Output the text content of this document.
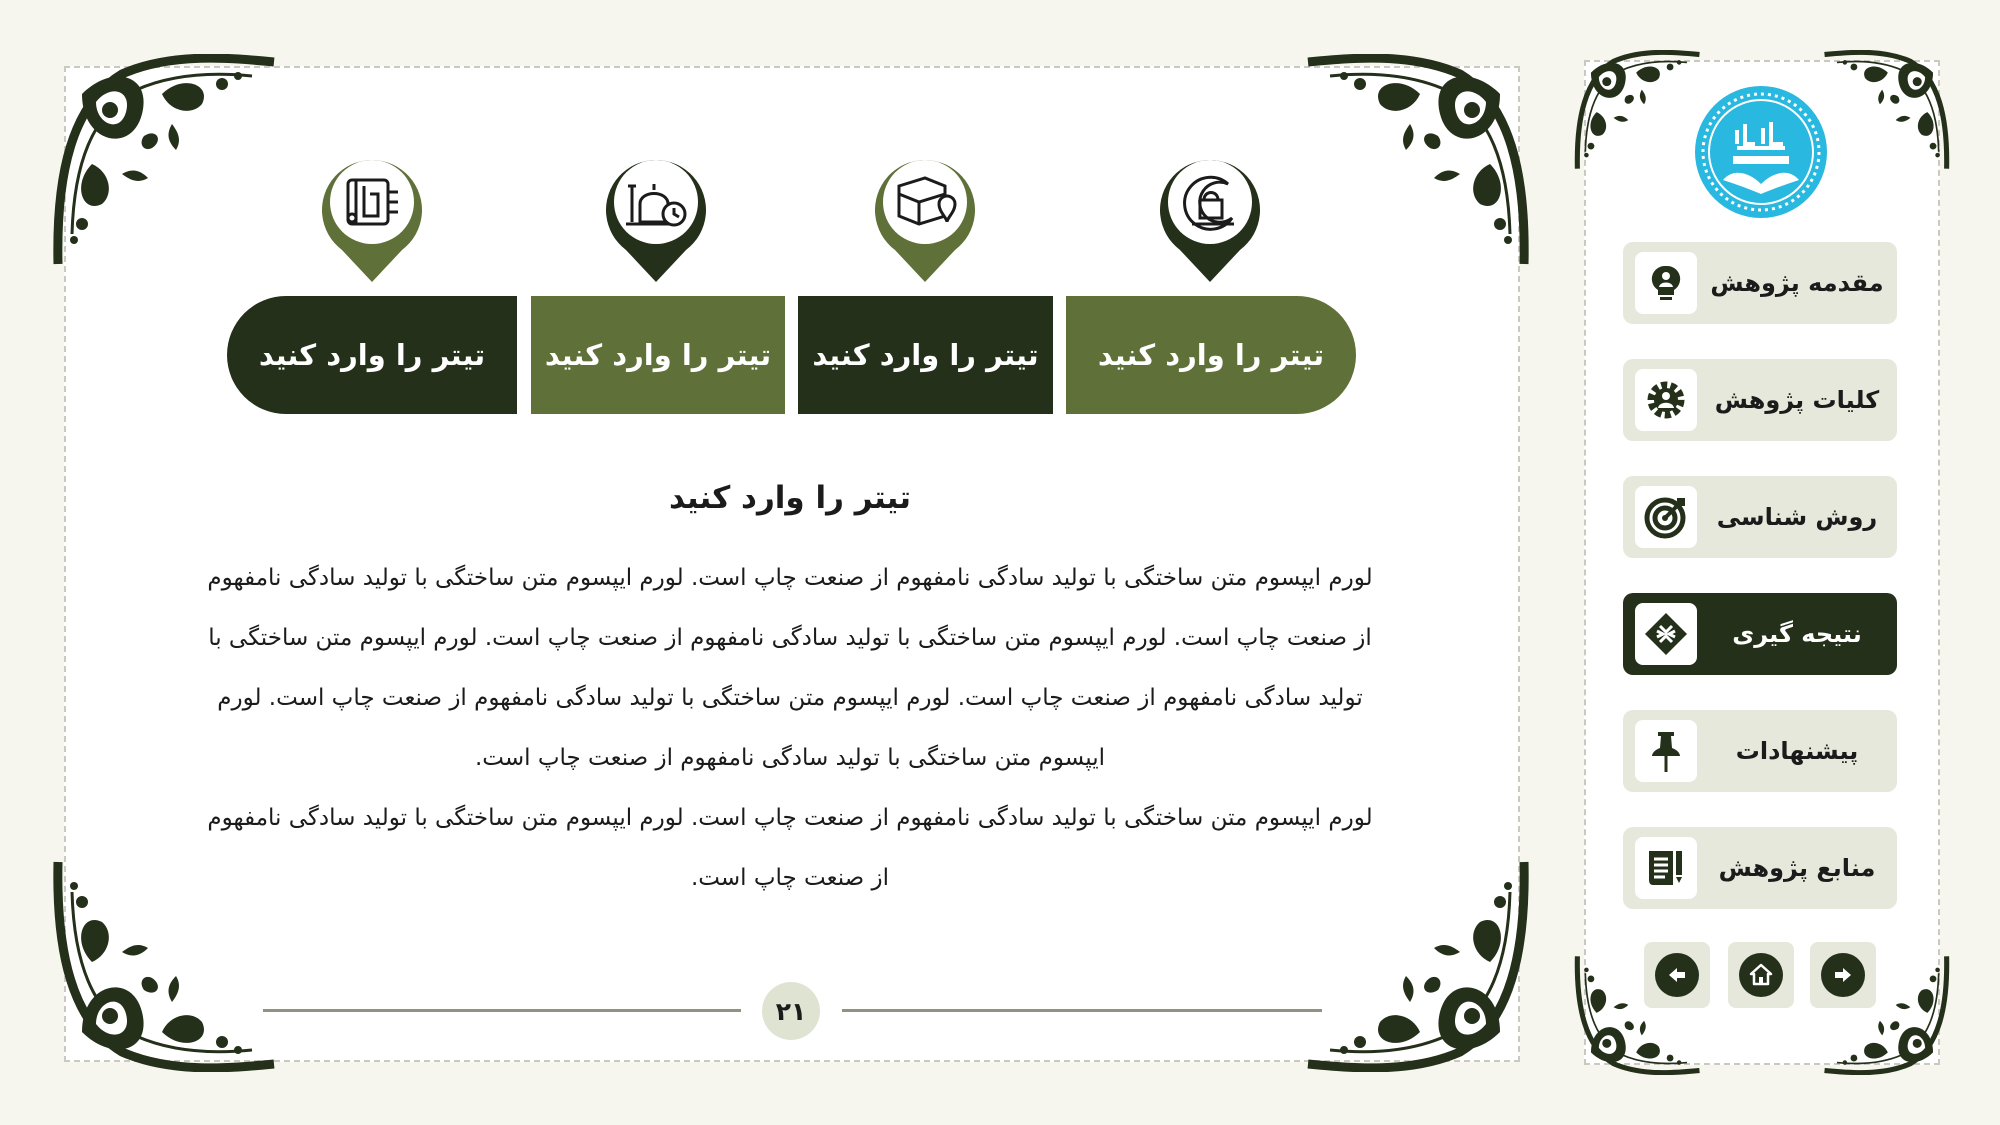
تیتر را وارد کنید
تیتر را وارد کنید
تیتر را وارد کنید
تیتر را وارد کنید
تیتر را وارد کنید

لورم ایپسوم متن ساختگی با تولید سادگی نامفهوم از صنعت چاپ است. لورم ایپسوم متن ساختگی با تولید سادگی نامفهوم از صنعت چاپ است. لورم ایپسوم متن ساختگی با تولید سادگی نامفهوم از صنعت چاپ است. لورم ایپسوم متن ساختگی با تولید سادگی نامفهوم از صنعت چاپ است. لورم ایپسوم متن ساختگی با تولید سادگی نامفهوم از صنعت چاپ است. لورم ایپسوم متن ساختگی با تولید سادگی نامفهوم از صنعت چاپ است.

لورم ایپسوم متن ساختگی با تولید سادگی نامفهوم از صنعت چاپ است. لورم ایپسوم متن ساختگی با تولید سادگی نامفهوم از صنعت چاپ است.

۲۱
مقدمه پژوهش
کلیات پژوهش
روش شناسی
نتیجه گیری
پیشنهادات
منابع پژوهش
